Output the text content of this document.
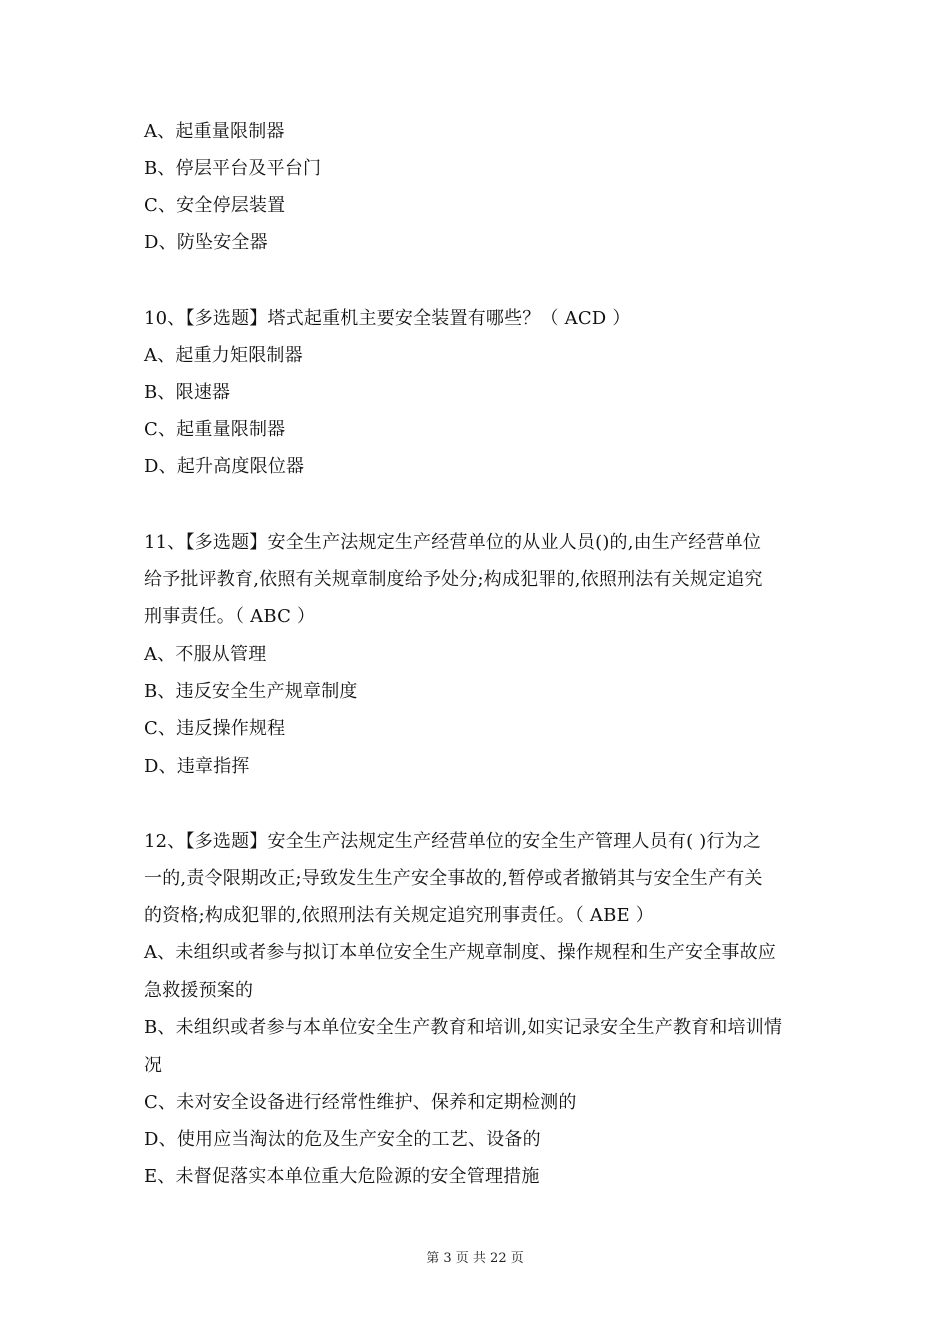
A、起重量限制器
B、停层平台及平台门
C、安全停层装置
D、防坠安全器
10、【多选题】塔式起重机主要安全装置有哪些？（ ACD ）
A、起重力矩限制器
B、限速器
C、起重量限制器
D、起升高度限位器
11、【多选题】安全生产法规定生产经营单位的从业人员()的,由生产经营单位
给予批评教育,依照有关规章制度给予处分;构成犯罪的,依照刑法有关规定追究
刑事责任。（ ABC ）
A、不服从管理
B、违反安全生产规章制度
C、违反操作规程
D、违章指挥
12、【多选题】安全生产法规定生产经营单位的安全生产管理人员有( )行为之
一的,责令限期改正;导致发生生产安全事故的,暂停或者撤销其与安全生产有关
的资格;构成犯罪的,依照刑法有关规定追究刑事责任。（ ABE ）
A、未组织或者参与拟订本单位安全生产规章制度、操作规程和生产安全事故应
急救援预案的
B、未组织或者参与本单位安全生产教育和培训,如实记录安全生产教育和培训情
况
C、未对安全设备进行经常性维护、保养和定期检测的
D、使用应当淘汰的危及生产安全的工艺、设备的
E、未督促落实本单位重大危险源的安全管理措施
第 3 页 共 22 页
